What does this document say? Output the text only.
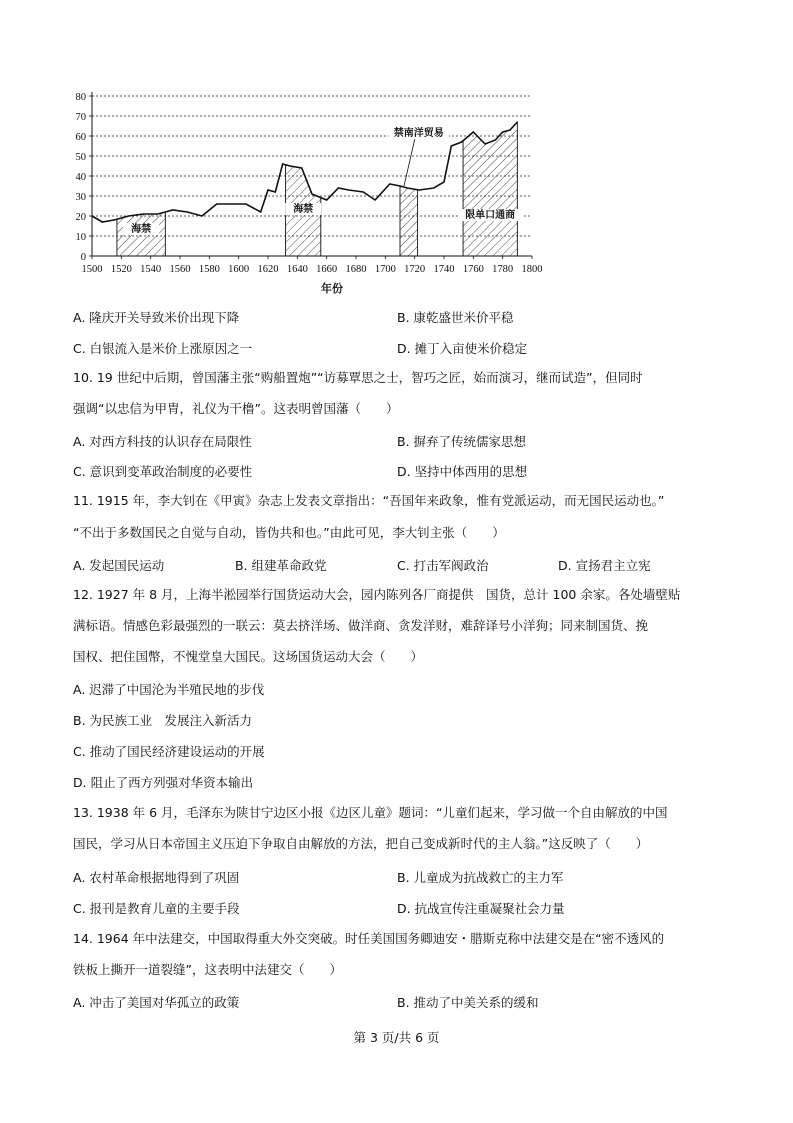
1500 1520 1540 1560 1580 1600 1620 1640 1660 1680 1700 1720 1740 1760 1780 1800
0
10
20
30
40
50
60
70
80
年份
海禁
海禁
禁南洋贸易
限单口通商
A. 隆庆开关导致米价出现下降	B. 康乾盛世米价平稳
C. 白银流入是米价上涨原因之一	D. 摊丁入亩使米价稳定
10. 19 世纪中后期，曾国藩主张“购船置炮”“访募覃思之士，智巧之匠，始而演习，继而试造”，但同时
强调“以忠信为甲胄，礼仪为干橹”。这表明曾国藩（　　）
A. 对西方科技的认识存在局限性	B. 摒弃了传统儒家思想
C. 意识到变革政治制度的必要性	D. 坚持中体西用的思想
11. 1915 年，李大钊在《甲寅》杂志上发表文章指出：“吾国年来政象，惟有党派运动，而无国民运动也。”
“不出于多数国民之自觉与自动，皆伪共和也。”由此可见，李大钊主张（　　）
A. 发起国民运动	B. 组建革命政党	C. 打击军阀政治	D. 宣扬君主立宪
12. 1927 年 8 月，上海半淞园举行国货运动大会，园内陈列各厂商提供　国货，总计 100 余家。各处墙壁贴
满标语。情感色彩最强烈的一联云：莫去挤洋场、做洋商、贪发洋财，难辞译号小洋狗；同来制国货、挽
国权、把住国幣，不愧堂皇大国民。这场国货运动大会（　　）
A. 迟滞了中国沦为半殖民地的步伐
B. 为民族工业　发展注入新活力
C. 推动了国民经济建设运动的开展
D. 阻止了西方列强对华资本输出
13. 1938 年 6 月，毛泽东为陕甘宁边区小报《边区儿童》题词：“儿童们起来，学习做一个自由解放的中国
国民，学习从日本帝国主义压迫下争取自由解放的方法，把自己变成新时代的主人翁。”这反映了（　　）
A. 农村革命根据地得到了巩固	B. 儿童成为抗战救亡的主力军
C. 报刊是教育儿童的主要手段	D. 抗战宣传注重凝聚社会力量
14. 1964 年中法建交，中国取得重大外交突破。时任美国国务卿迪安・腊斯克称中法建交是在“密不透风的
铁板上撕开一道裂缝”，这表明中法建交（　　）
A. 冲击了美国对华孤立的政策	B. 推动了中美关系的缓和
第 3 页/共 6 页
